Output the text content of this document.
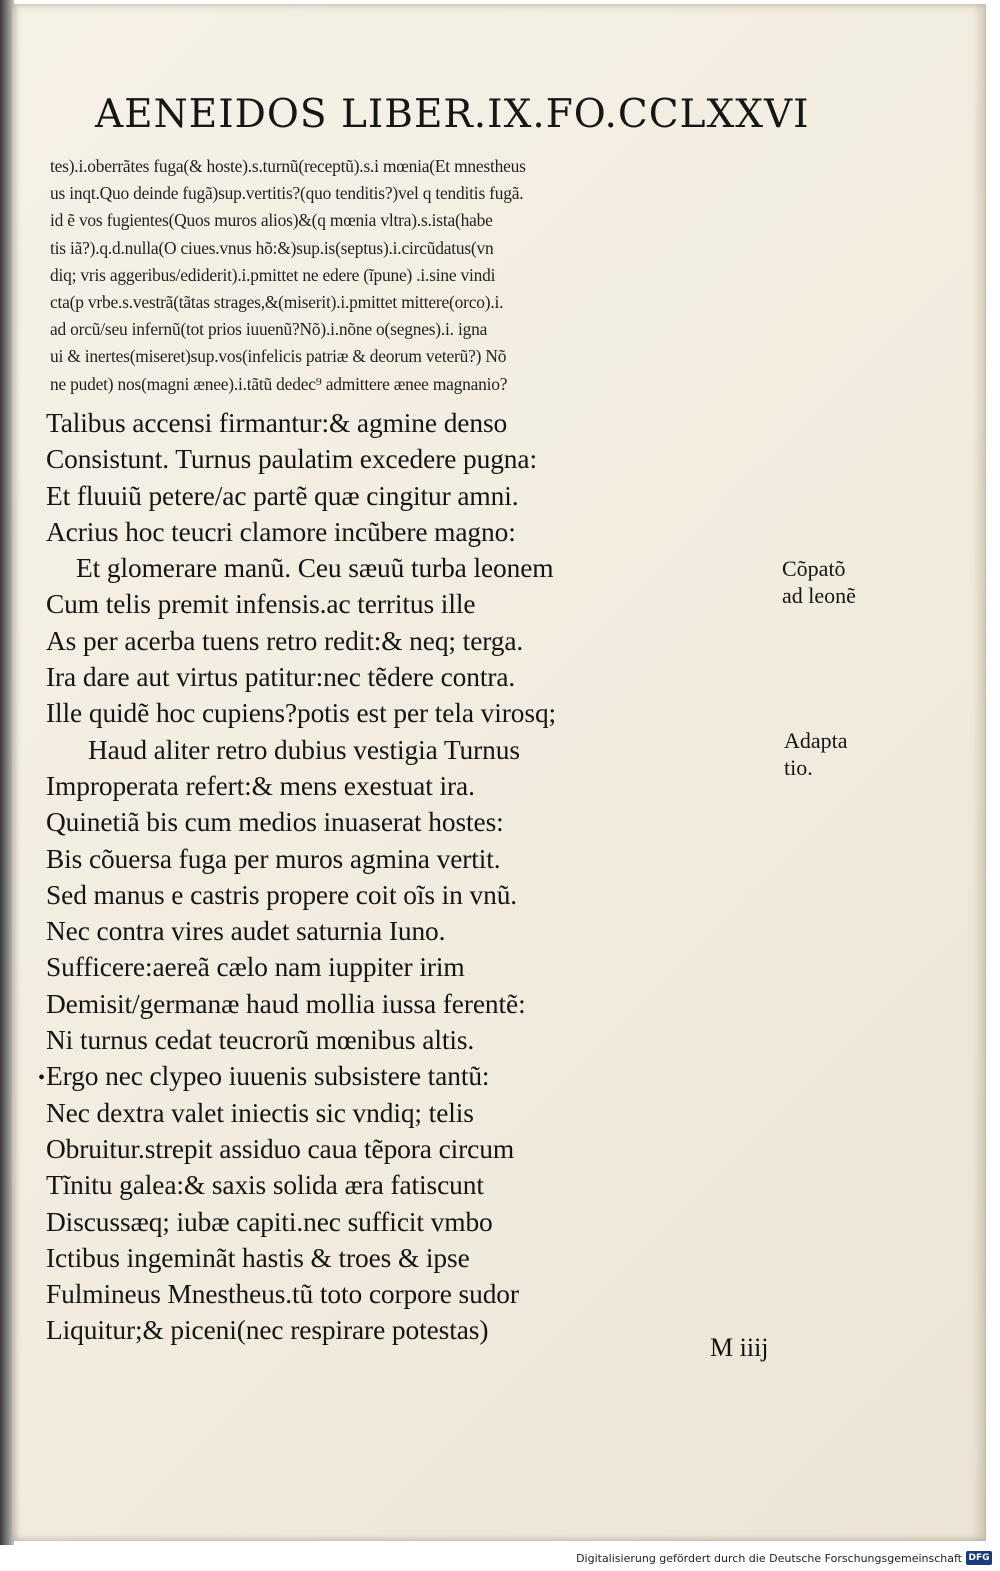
AENEIDOS LIBER.IX.FO.CCLXXVI
tes).i.oberrãtes fuga(& hoste).s.turnũ(receptũ).s.i mœnia(Et mnestheus
us inqt.Quo deinde fugã)sup.vertitis?(quo tenditis?)vel q tenditis fugã.
id ẽ vos fugientes(Quos muros alios)&(q mœnia vltra).s.ista(habe
tis iã?).q.d.nulla(O ciues.vnus hõ:&)sup.is(septus).i.circũdatus(vn
diq; vris aggeribus/ediderit).i.pmittet ne edere (ĩpune) .i.sine vindi
cta(p vrbe.s.vestrã(tãtas strages,&(miserit).i.pmittet mittere(orco).i.
ad orcũ/seu infernũ(tot prios iuuenũ?Nõ).i.nõne o(segnes).i. igna
ui & inertes(miseret)sup.vos(infelicis patriæ & deorum veterũ?) Nõ
ne pudet) nos(magni ænee).i.tãtũ dedec⁹ admittere ænee magnanio?
Talibus accensi firmantur:& agmine denso
Consistunt. Turnus paulatim excedere pugna:
Et fluuiũ petere/ac partẽ quæ cingitur amni.
Acrius hoc teucri clamore incũbere magno:
Et glomerare manũ. Ceu sæuũ turba leonem
Cum telis premit infensis.ac territus ille
As per acerba tuens retro redit:& neq; terga.
Ira dare aut virtus patitur:nec tẽdere contra.
Ille quidẽ hoc cupiens?potis est per tela virosq;
Haud aliter retro dubius vestigia Turnus
Improperata refert:& mens exestuat ira.
Quinetiã bis cum medios inuaserat hostes:
Bis cõuersa fuga per muros agmina vertit.
Sed manus e castris propere coit oĩs in vnũ.
Nec contra vires audet saturnia Iuno.
Sufficere:aereã cælo nam iuppiter irim
Demisit/germanæ haud mollia iussa ferentẽ:
Ni turnus cedat teucrorũ mœnibus altis.
• Ergo nec clypeo iuuenis subsistere tantũ:
Nec dextra valet iniectis sic vndiq; telis
Obruitur.strepit assiduo caua tẽpora circum
Tĩnitu galea:& saxis solida æra fatiscunt
Discussæq; iubæ capiti.nec sufficit vmbo
Ictibus ingeminãt hastis & troes & ipse
Fulmineus Mnestheus.tũ toto corpore sudor
Liquitur;& piceni(nec respirare potestas)
Cõpatõ
ad leonẽ
Adapta
tio.
M iiij
Digitalisierung gefördert durch die Deutsche Forschungsgemeinschaft DFG
